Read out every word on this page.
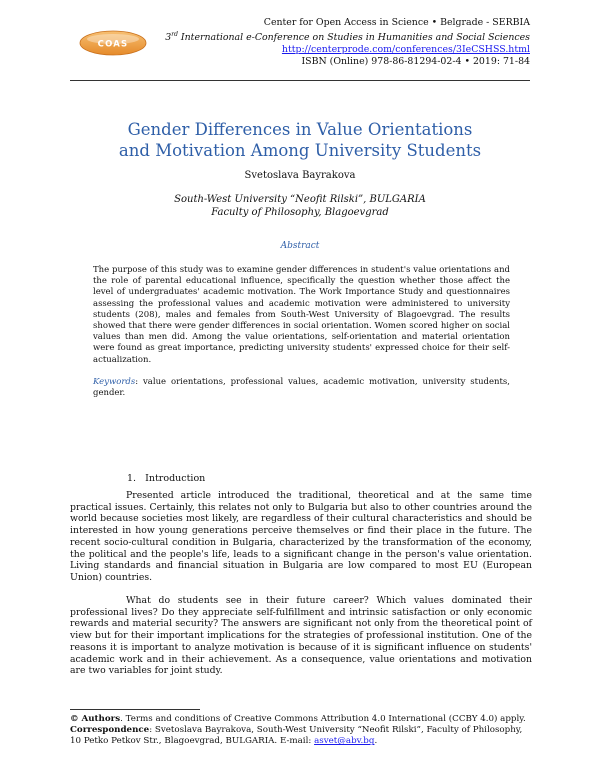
COAS
Center for Open Access in Science • Belgrade - SERBIA
3rd International e-Conference on Studies in Humanities and Social Sciences
http://centerprode.com/conferences/3IeCSHSS.html
ISBN (Online) 978-86-81294-02-4 • 2019: 71-84
Gender Differences in Value Orientations
and Motivation Among University Students
Svetoslava Bayrakova
South-West University “Neofit Rilski”, BULGARIA
Faculty of Philosophy, Blagoevgrad
Abstract
The purpose of this study was to examine gender differences in student's value orientations and the role of parental educational influence, specifically the question whether those affect the level of undergraduates' academic motivation. The Work Importance Study and questionnaires assessing the professional values and academic motivation were administered to university students (208), males and females from South-West University of Blagoevgrad. The results showed that there were gender differences in social orientation. Women scored higher on social values than men did. Among the value orientations, self-orientation and material orientation were found as great importance, predicting university students' expressed choice for their self-actualization.
Keywords: value orientations, professional values, academic motivation, university students, gender.
1.   Introduction
Presented article introduced the traditional, theoretical and at the same time practical issues. Certainly, this relates not only to Bulgaria but also to other countries around the world because societies most likely, are regardless of their cultural characteristics and should be interested in how young generations perceive themselves or find their place in the future. The recent socio-cultural condition in Bulgaria, characterized by the transformation of the economy, the political and the people's life, leads to a significant change in the person's value orientation. Living standards and financial situation in Bulgaria are low compared to most EU (European Union) countries.
What do students see in their future career? Which values dominated their professional lives? Do they appreciate self-fulfillment and intrinsic satisfaction or only economic rewards and material security? The answers are significant not only from the theoretical point of view but for their important implications for the strategies of professional institution. One of the reasons it is important to analyze motivation is because of it is significant influence on students' academic work and in their achievement. As a consequence, value orientations and motivation are two variables for joint study.
© Authors. Terms and conditions of Creative Commons Attribution 4.0 International (CCBY 4.0) apply.
Correspondence: Svetoslava Bayrakova, South-West University “Neofit Rilski”, Faculty of Philosophy, 10 Petko Petkov Str., Blagoevgrad, BULGARIA. E-mail: asvet@abv.bg.
